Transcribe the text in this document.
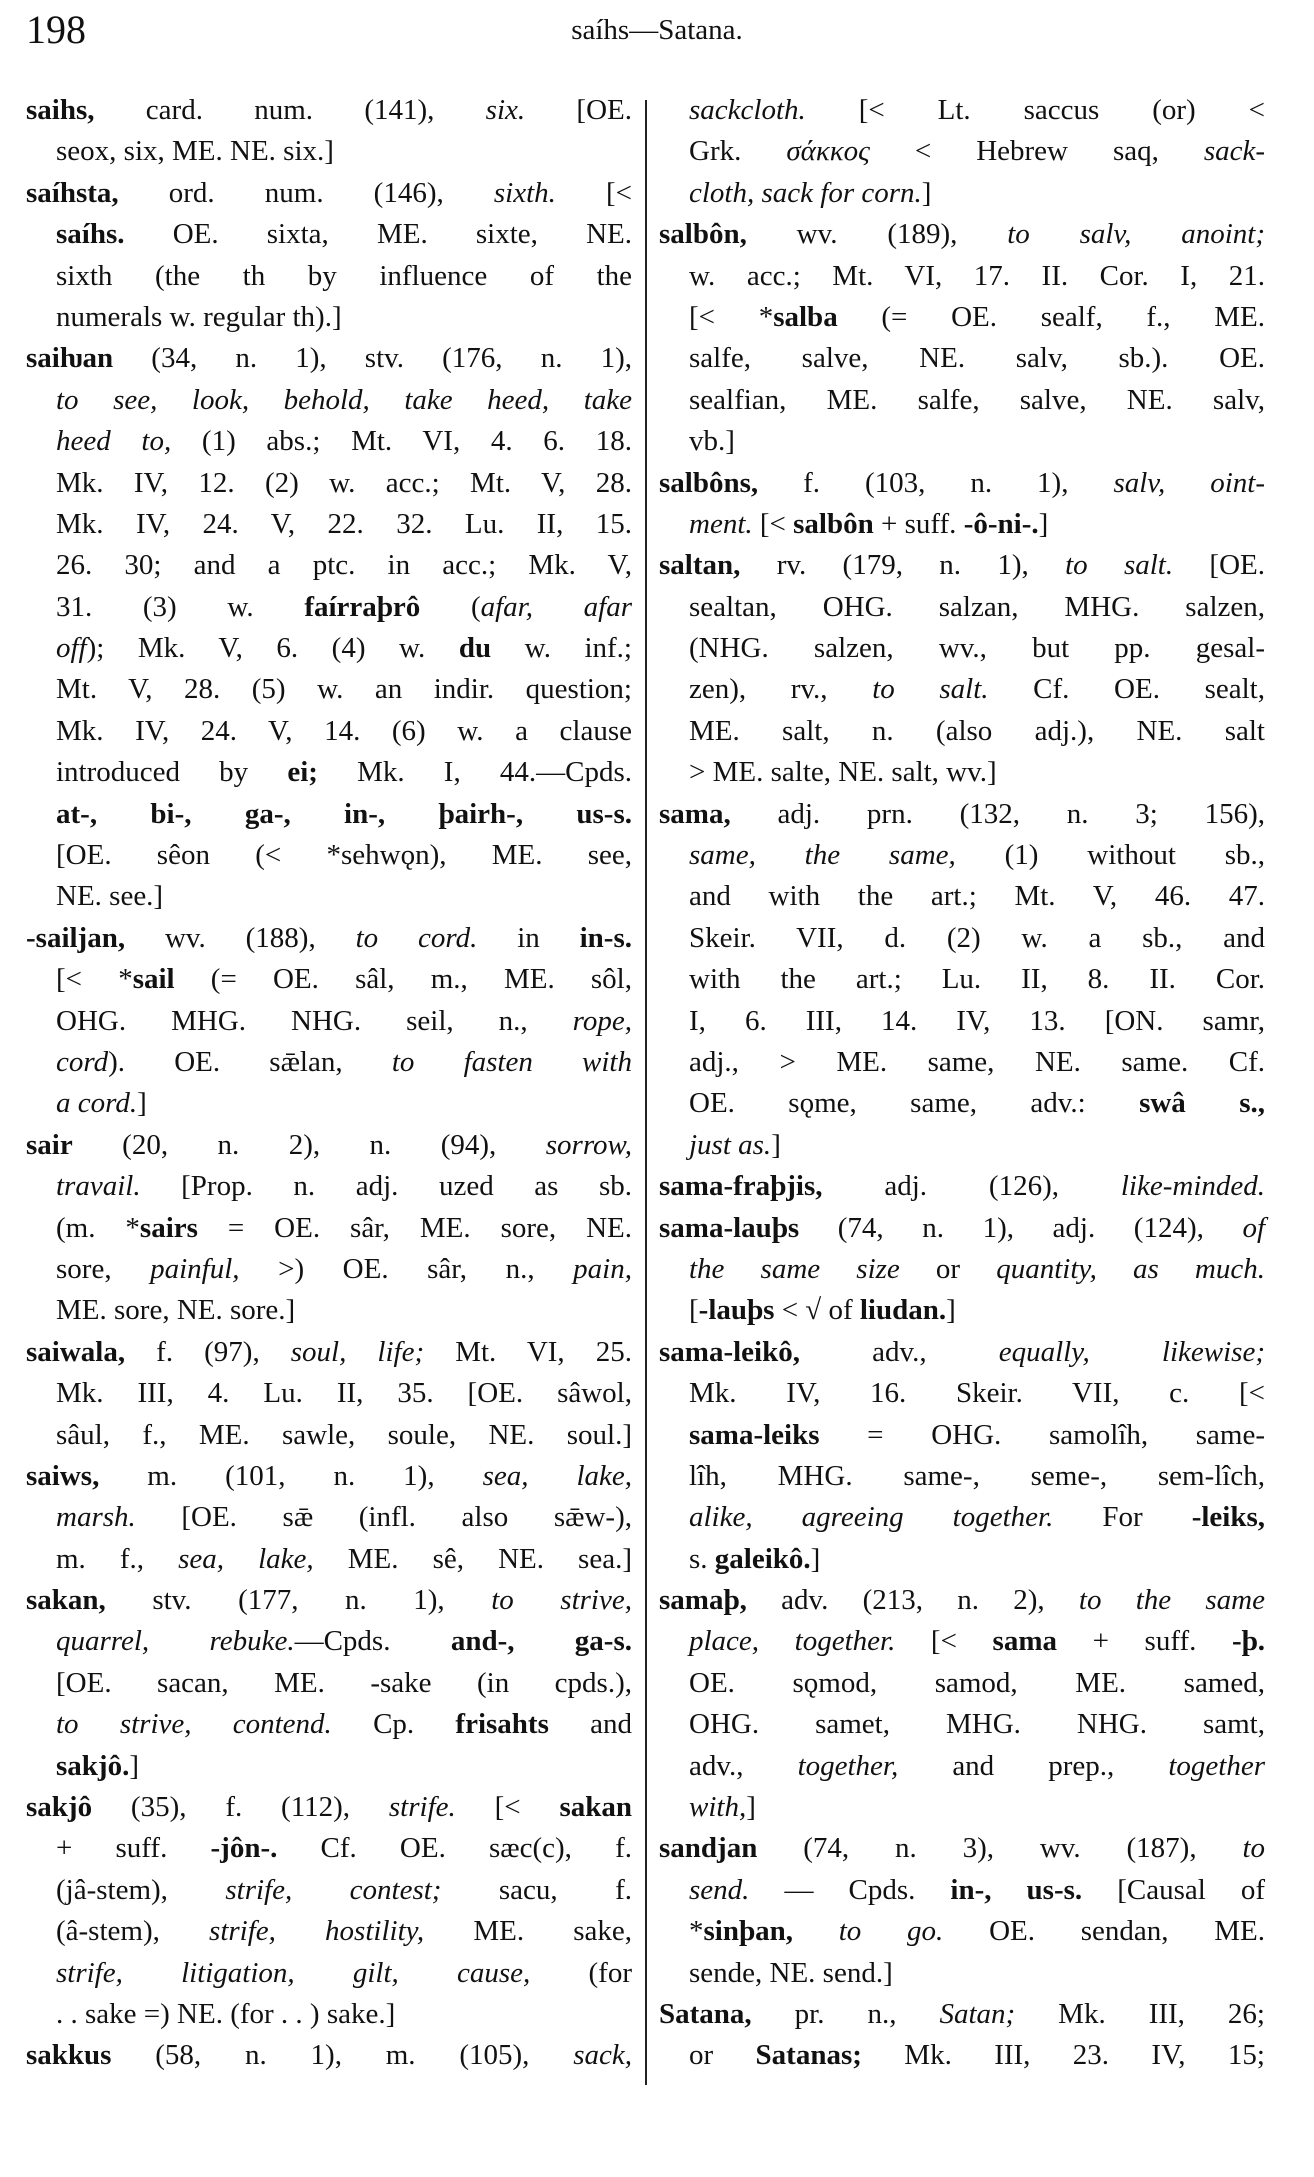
198	saíhs—Satana.
saihs, card. num. (141), six. [OE.
seox, six, ME. NE. six.]
saíhsta, ord. num. (146), sixth. [<
saíhs. OE. sixta, ME. sixte, NE.
sixth (the th by influence of the
numerals w. regular th).]
saiƕan (34, n. 1), stv. (176, n. 1),
to see, look, behold, take heed, take
heed to, (1) abs.; Mt. VI, 4. 6. 18.
Mk. IV, 12. (2) w. acc.; Mt. V, 28.
Mk. IV, 24. V, 22. 32. Lu. II, 15.
26. 30; and a ptc. in acc.; Mk. V,
31. (3) w. faírraþrô (afar, afar
off); Mk. V, 6. (4) w. du w. inf.;
Mt. V, 28. (5) w. an indir. question;
Mk. IV, 24. V, 14. (6) w. a clause
introduced by ei; Mk. I, 44.—Cpds.
at-, bi-, ga-, in-, þairh-, us-s.
[OE. sêon (< *sehwǫn), ME. see,
NE. see.]
-sailjan, wv. (188), to cord. in in-s.
[< *sail (= OE. sâl, m., ME. sôl,
OHG. MHG. NHG. seil, n., rope,
cord). OE. sǣlan, to fasten with
a cord.]
sair (20, n. 2), n. (94), sorrow,
travail. [Prop. n. adj. uzed as sb.
(m. *sairs = OE. sâr, ME. sore, NE.
sore, painful, >) OE. sâr, n., pain,
ME. sore, NE. sore.]
saiwala, f. (97), soul, life; Mt. VI, 25.
Mk. III, 4. Lu. II, 35. [OE. sâwol,
sâul, f., ME. sawle, soule, NE. soul.]
saiws, m. (101, n. 1), sea, lake,
marsh. [OE. sǣ (infl. also sǣw-),
m. f., sea, lake, ME. sê, NE. sea.]
sakan, stv. (177, n. 1), to strive,
quarrel, rebuke.—Cpds. and-, ga-s.
[OE. sacan, ME. -sake (in cpds.),
to strive, contend. Cp. frisahts and
sakjô.]
sakjô (35), f. (112), strife. [< sakan
+ suff. -jôn-. Cf. OE. sæc(c), f.
(jâ-stem), strife, contest; sacu, f.
(â-stem), strife, hostility, ME. sake,
strife, litigation, gilt, cause, (for
. . sake =) NE. (for . . ) sake.]
sakkus (58, n. 1), m. (105), sack,
sackcloth. [< Lt. saccus (or) <
Grk. σάκκος < Hebrew saq, sack-
cloth, sack for corn.]
salbôn, wv. (189), to salv, anoint;
w. acc.; Mt. VI, 17. II. Cor. I, 21.
[< *salba (= OE. sealf, f., ME.
salfe, salve, NE. salv, sb.). OE.
sealfian, ME. salfe, salve, NE. salv,
vb.]
salbôns, f. (103, n. 1), salv, oint-
ment. [< salbôn + suff. -ô-ni-.]
saltan, rv. (179, n. 1), to salt. [OE.
sealtan, OHG. salzan, MHG. salzen,
(NHG. salzen, wv., but pp. gesal-
zen), rv., to salt. Cf. OE. sealt,
ME. salt, n. (also adj.), NE. salt
> ME. salte, NE. salt, wv.]
sama, adj. prn. (132, n. 3; 156),
same, the same, (1) without sb.,
and with the art.; Mt. V, 46. 47.
Skeir. VII, d. (2) w. a sb., and
with the art.; Lu. II, 8. II. Cor.
I, 6. III, 14. IV, 13. [ON. samr,
adj., > ME. same, NE. same. Cf.
OE. sǫme, same, adv.: swâ s.,
just as.]
sama-fraþjis, adj. (126), like-minded.
sama-lauþs (74, n. 1), adj. (124), of
the same size or quantity, as much.
[-lauþs < √ of liudan.]
sama-leikô, adv., equally, likewise;
Mk. IV, 16. Skeir. VII, c. [<
sama-leiks = OHG. samolîh, same-
lîh, MHG. same-, seme-, sem-lîch,
alike, agreeing together. For -leiks,
s. galeikô.]
samaþ, adv. (213, n. 2), to the same
place, together. [< sama + suff. -þ.
OE. sǫmod, samod, ME. samed,
OHG. samet, MHG. NHG. samt,
adv., together, and prep., together
with,]
sandjan (74, n. 3), wv. (187), to
send. — Cpds. in-, us-s. [Causal of
*sinþan, to go. OE. sendan, ME.
sende, NE. send.]
Satana, pr. n., Satan; Mk. III, 26;
or Satanas; Mk. III, 23. IV, 15;
